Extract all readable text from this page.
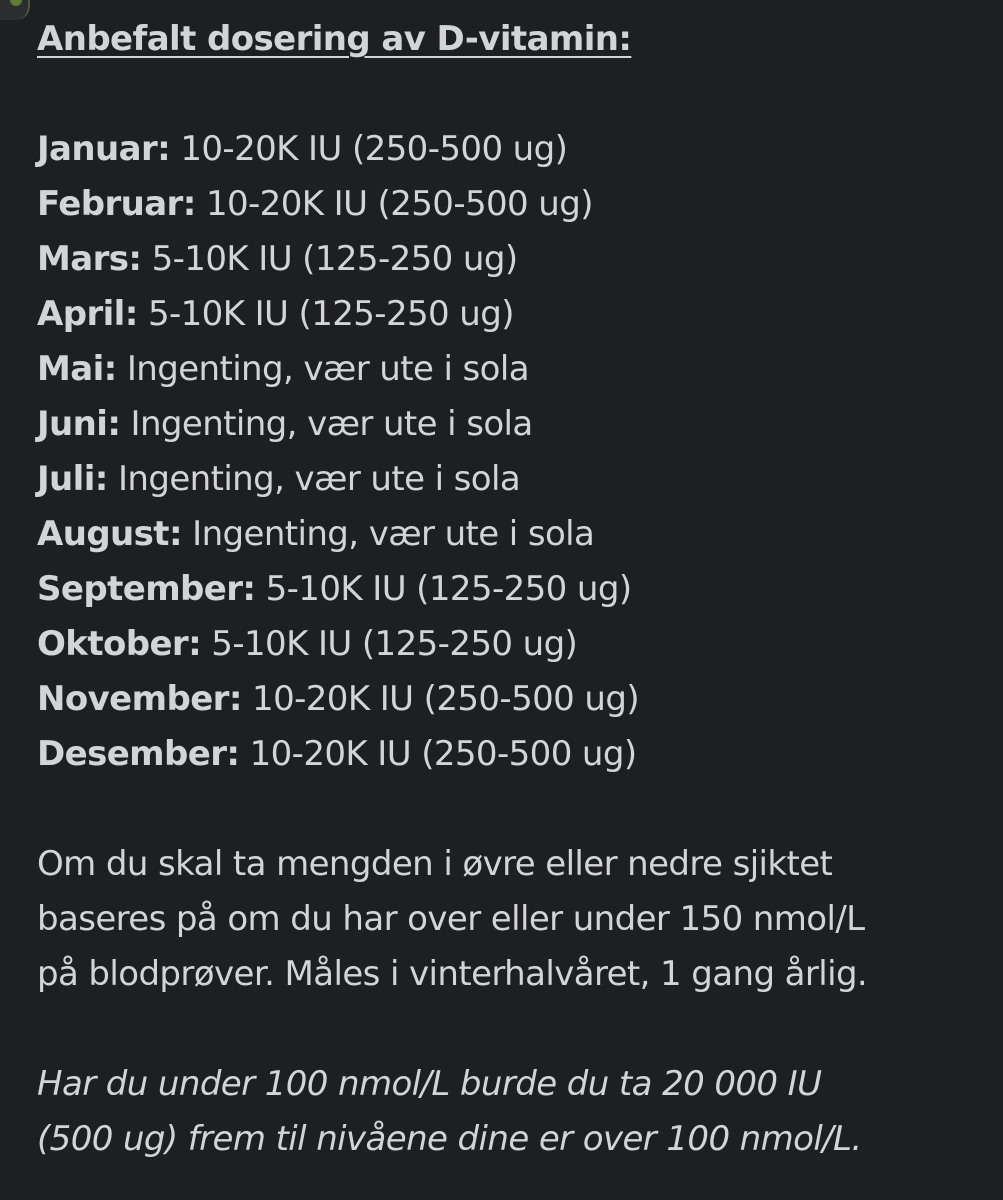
Anbefalt dosering av D-vitamin:

Januar: 10-20K IU (250-500 ug)
Februar: 10-20K IU (250-500 ug)
Mars: 5-10K IU (125-250 ug)
April: 5-10K IU (125-250 ug)
Mai: Ingenting, vær ute i sola
Juni: Ingenting, vær ute i sola
Juli: Ingenting, vær ute i sola
August: Ingenting, vær ute i sola
September: 5-10K IU (125-250 ug)
Oktober: 5-10K IU (125-250 ug)
November: 10-20K IU (250-500 ug)
Desember: 10-20K IU (250-500 ug)

Om du skal ta mengden i øvre eller nedre sjiktet
baseres på om du har over eller under 150 nmol/L
på blodprøver. Måles i vinterhalvåret, 1 gang årlig.

Har du under 100 nmol/L burde du ta 20 000 IU
(500 ug) frem til nivåene dine er over 100 nmol/L.
